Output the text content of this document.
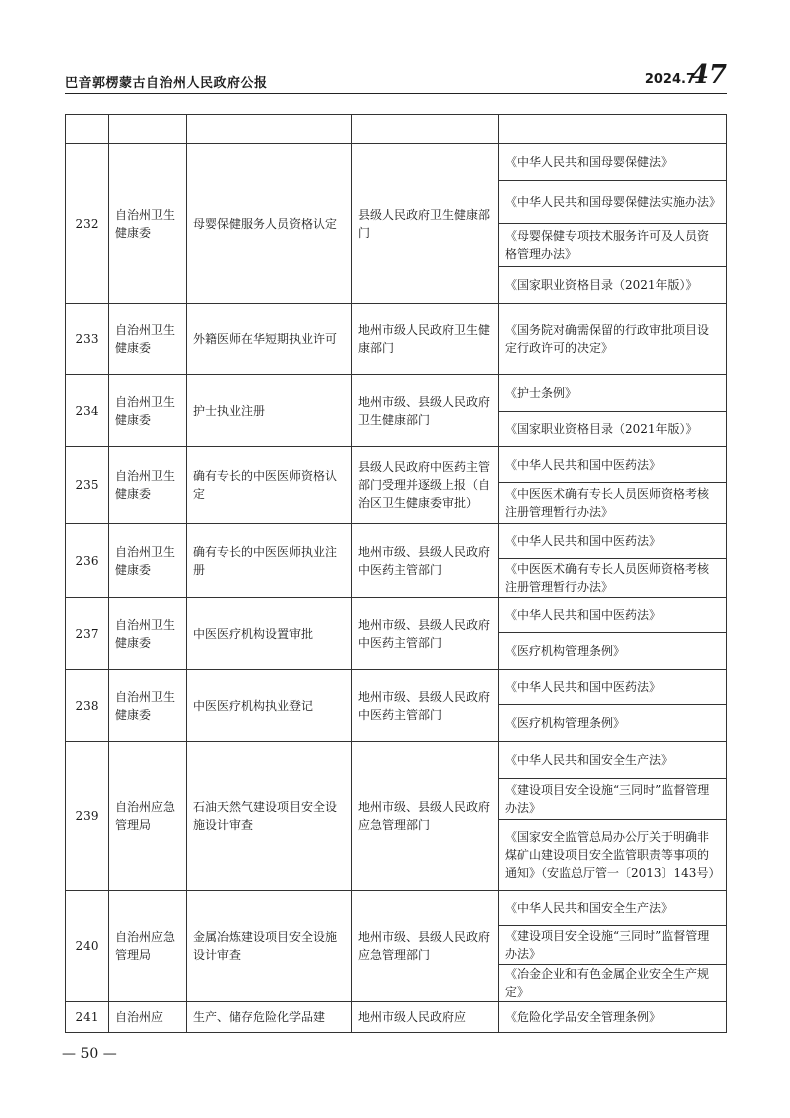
巴音郭楞蒙古自治州人民政府公报	2024.7
47

232	自治州卫生健康委	母婴保健服务人员资格认定	县级人民政府卫生健康部门	《中华人民共和国母婴保健法》
				《中华人民共和国母婴保健法实施办法》
				《母婴保健专项技术服务许可及人员资格管理办法》
				《国家职业资格目录（2021年版）》
233	自治州卫生健康委	外籍医师在华短期执业许可	地州市级人民政府卫生健康部门	《国务院对确需保留的行政审批项目设定行政许可的决定》
234	自治州卫生健康委	护士执业注册	地州市级、县级人民政府卫生健康部门	《护士条例》
				《国家职业资格目录（2021年版）》
235	自治州卫生健康委	确有专长的中医医师资格认定	县级人民政府中医药主管部门受理并逐级上报（自治区卫生健康委审批）	《中华人民共和国中医药法》
				《中医医术确有专长人员医师资格考核注册管理暂行办法》
236	自治州卫生健康委	确有专长的中医医师执业注册	地州市级、县级人民政府中医药主管部门	《中华人民共和国中医药法》
				《中医医术确有专长人员医师资格考核注册管理暂行办法》
237	自治州卫生健康委	中医医疗机构设置审批	地州市级、县级人民政府中医药主管部门	《中华人民共和国中医药法》
				《医疗机构管理条例》
238	自治州卫生健康委	中医医疗机构执业登记	地州市级、县级人民政府中医药主管部门	《中华人民共和国中医药法》
				《医疗机构管理条例》
239	自治州应急管理局	石油天然气建设项目安全设施设计审查	地州市级、县级人民政府应急管理部门	《中华人民共和国安全生产法》
				《建设项目安全设施“三同时”监督管理办法》
				《国家安全监管总局办公厅关于明确非煤矿山建设项目安全监管职责等事项的通知》（安监总厅管一〔2013〕143号）
240	自治州应急管理局	金属冶炼建设项目安全设施设计审查	地州市级、县级人民政府应急管理部门	《中华人民共和国安全生产法》
				《建设项目安全设施“三同时”监督管理办法》
				《冶金企业和有色金属企业安全生产规定》
241	自治州应	生产、储存危险化学品建	地州市级人民政府应	《危险化学品安全管理条例》
— 50 —
